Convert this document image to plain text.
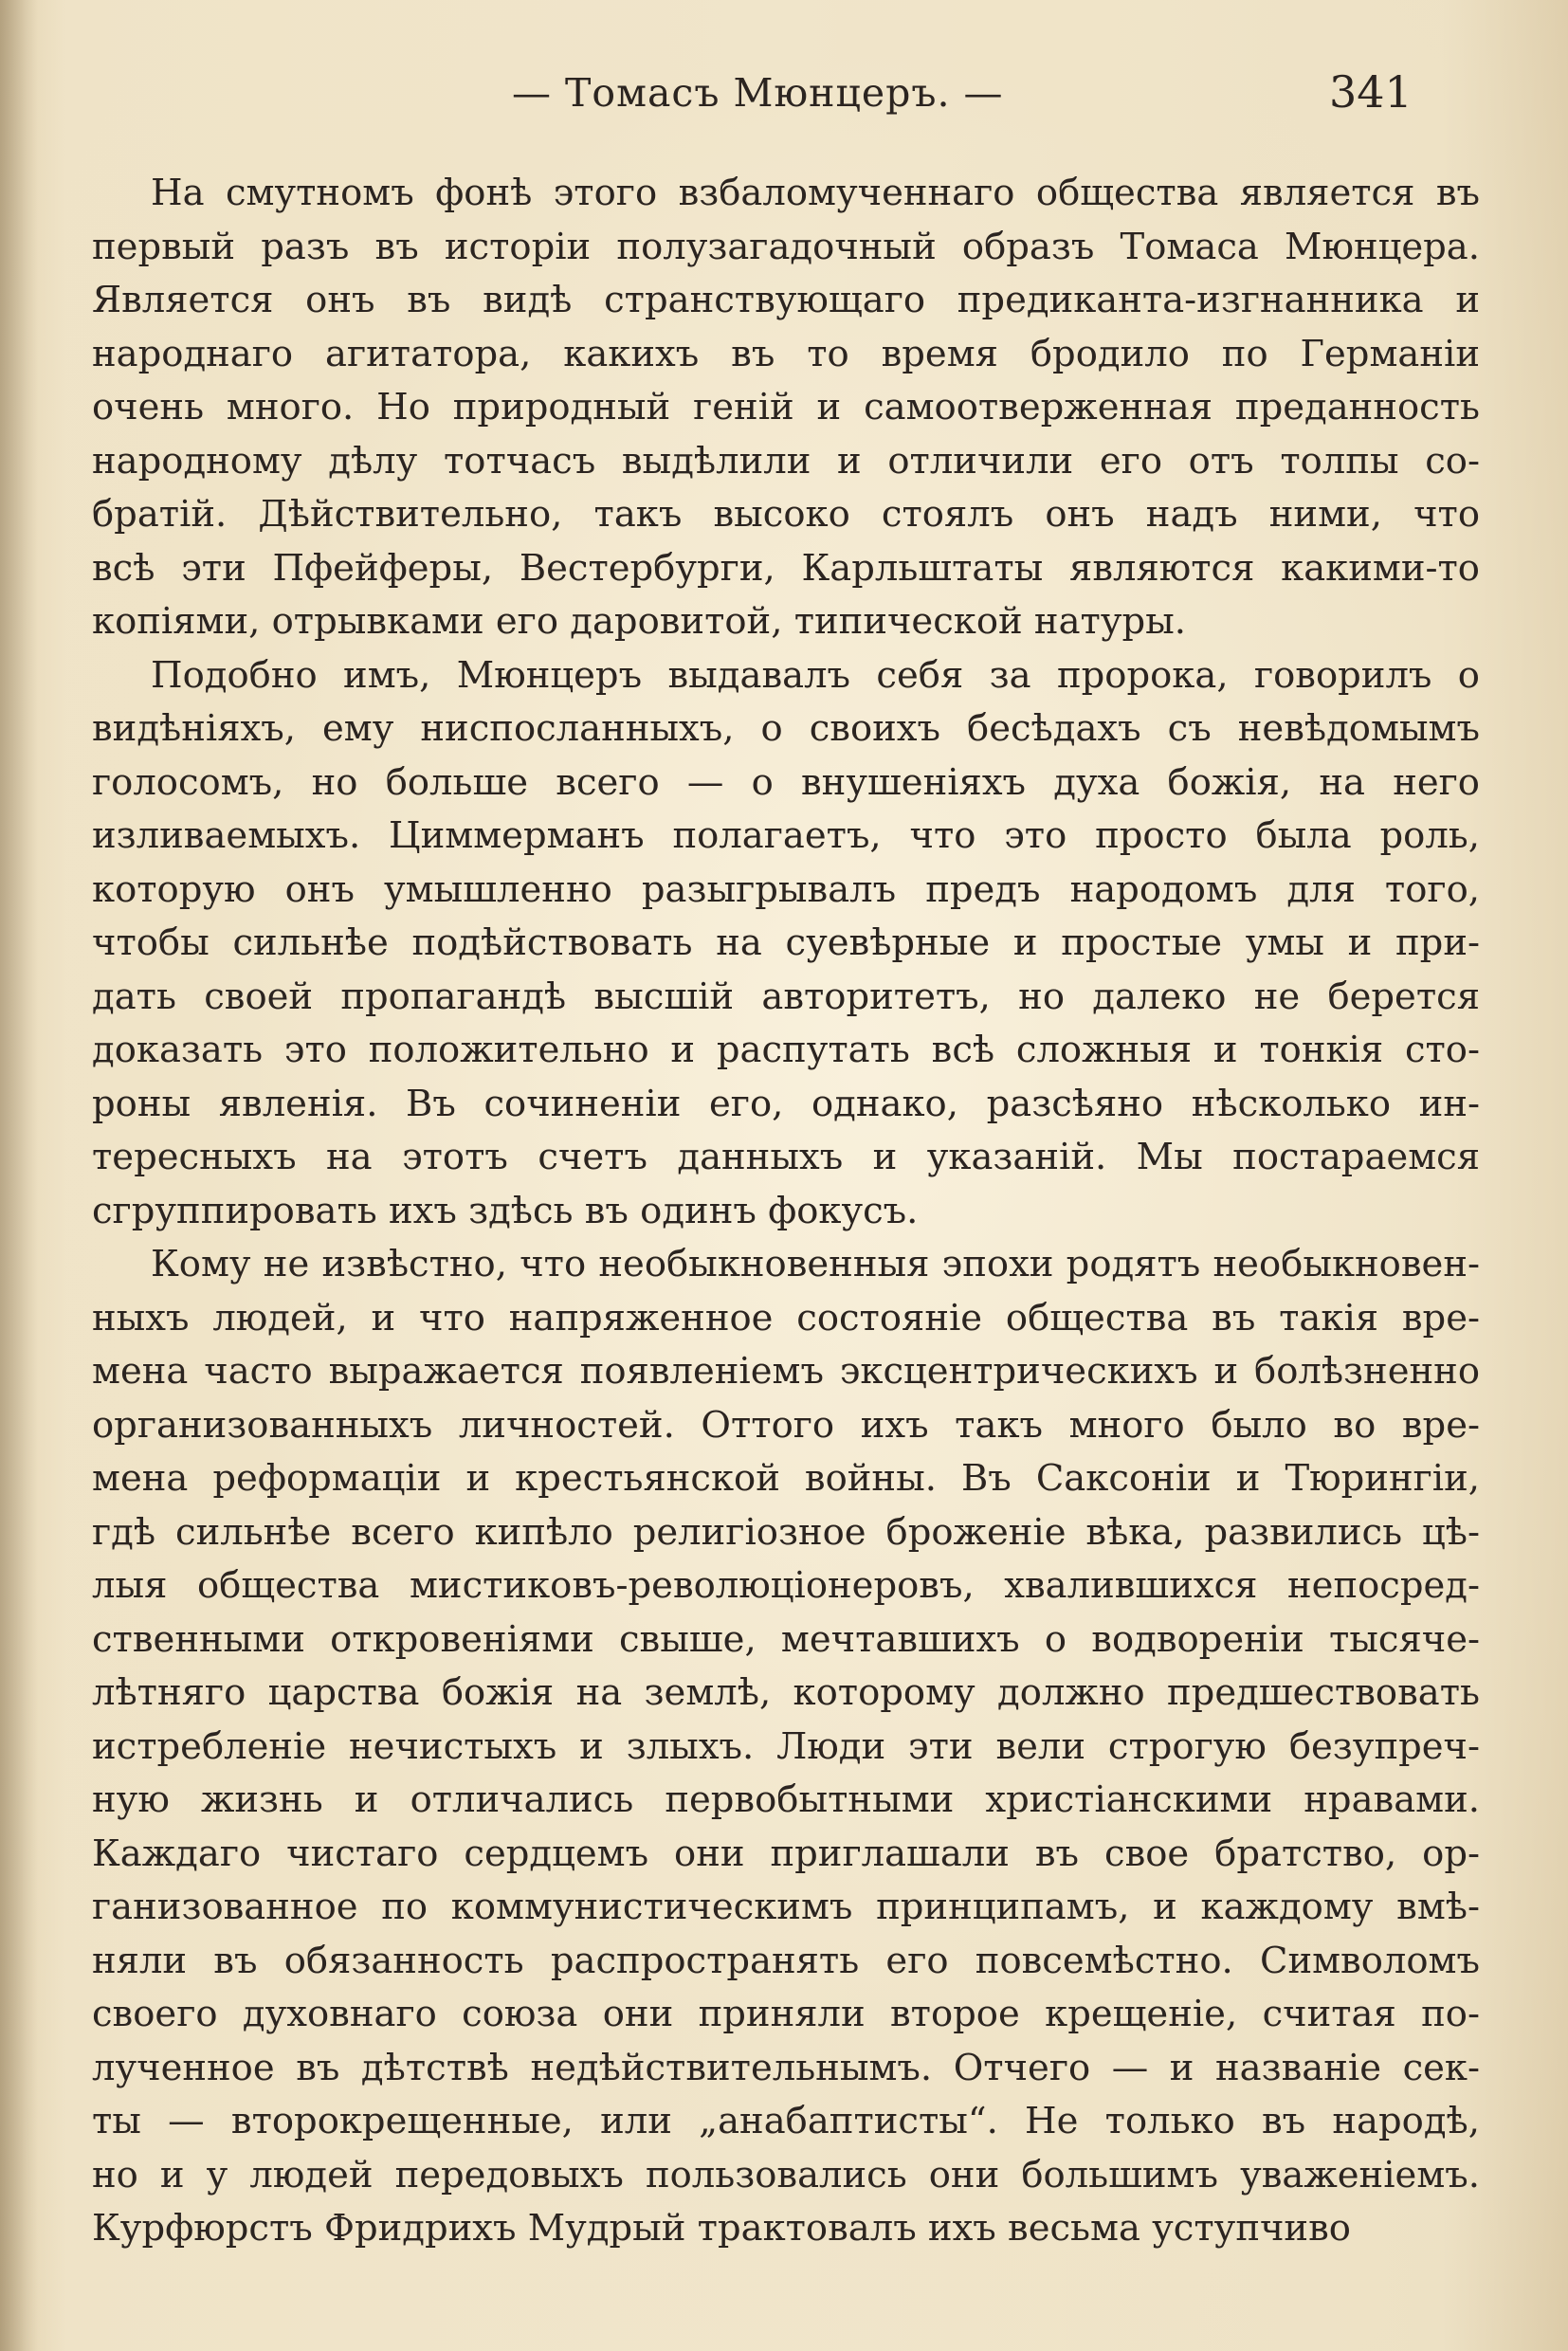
— Томасъ Мюнцеръ. —	341
На смутномъ фонѣ этого взбаломученнаго общества является въ
первый разъ въ исторіи полузагадочный образъ Томаса Мюнцера.
Является онъ въ видѣ странствующаго предиканта-изгнанника и
народнаго агитатора, какихъ въ то время бродило по Германіи
очень много. Но природный геній и самоотверженная преданность
народному дѣлу тотчасъ выдѣлили и отличили его отъ толпы со-
братій. Дѣйствительно, такъ высоко стоялъ онъ надъ ними, что
всѣ эти Пфейферы, Вестербурги, Карльштаты являются какими-то
копіями, отрывками его даровитой, типической натуры.
Подобно имъ, Мюнцеръ выдавалъ себя за пророка, говорилъ о
видѣніяхъ, ему ниспосланныхъ, о своихъ бесѣдахъ съ невѣдомымъ
голосомъ, но больше всего — о внушеніяхъ духа божія, на него
изливаемыхъ. Циммерманъ полагаетъ, что это просто была роль,
которую онъ умышленно разыгрывалъ предъ народомъ для того,
чтобы сильнѣе подѣйствовать на суевѣрные и простые умы и при-
дать своей пропагандѣ высшій авторитетъ, но далеко не берется
доказать это положительно и распутать всѣ сложныя и тонкія сто-
роны явленія. Въ сочиненіи его, однако, разсѣяно нѣсколько ин-
тересныхъ на этотъ счетъ данныхъ и указаній. Мы постараемся
сгруппировать ихъ здѣсь въ одинъ фокусъ.
Кому не извѣстно, что необыкновенныя эпохи родятъ необыкновен-
ныхъ людей, и что напряженное состояніе общества въ такія вре-
мена часто выражается появленіемъ эксцентрическихъ и болѣзненно
организованныхъ личностей. Оттого ихъ такъ много было во вре-
мена реформаціи и крестьянской войны. Въ Саксоніи и Тюрингіи,
гдѣ сильнѣе всего кипѣло религіозное броженіе вѣка, развились цѣ-
лыя общества мистиковъ-революціонеровъ, хвалившихся непосред-
ственными откровеніями свыше, мечтавшихъ о водвореніи тысяче-
лѣтняго царства божія на землѣ, которому должно предшествовать
истребленіе нечистыхъ и злыхъ. Люди эти вели строгую безупреч-
ную жизнь и отличались первобытными христіанскими нравами.
Каждаго чистаго сердцемъ они приглашали въ свое братство, ор-
ганизованное по коммунистическимъ принципамъ, и каждому вмѣ-
няли въ обязанность распространять его повсемѣстно. Символомъ
своего духовнаго союза они приняли второе крещеніе, считая по-
лученное въ дѣтствѣ недѣйствительнымъ. Отчего — и названіе сек-
ты — второкрещенные, или „анабаптисты“. Не только въ народѣ,
но и у людей передовыхъ пользовались они большимъ уваженіемъ.
Курфюрстъ Фридрихъ Мудрый трактовалъ ихъ весьма уступчиво
